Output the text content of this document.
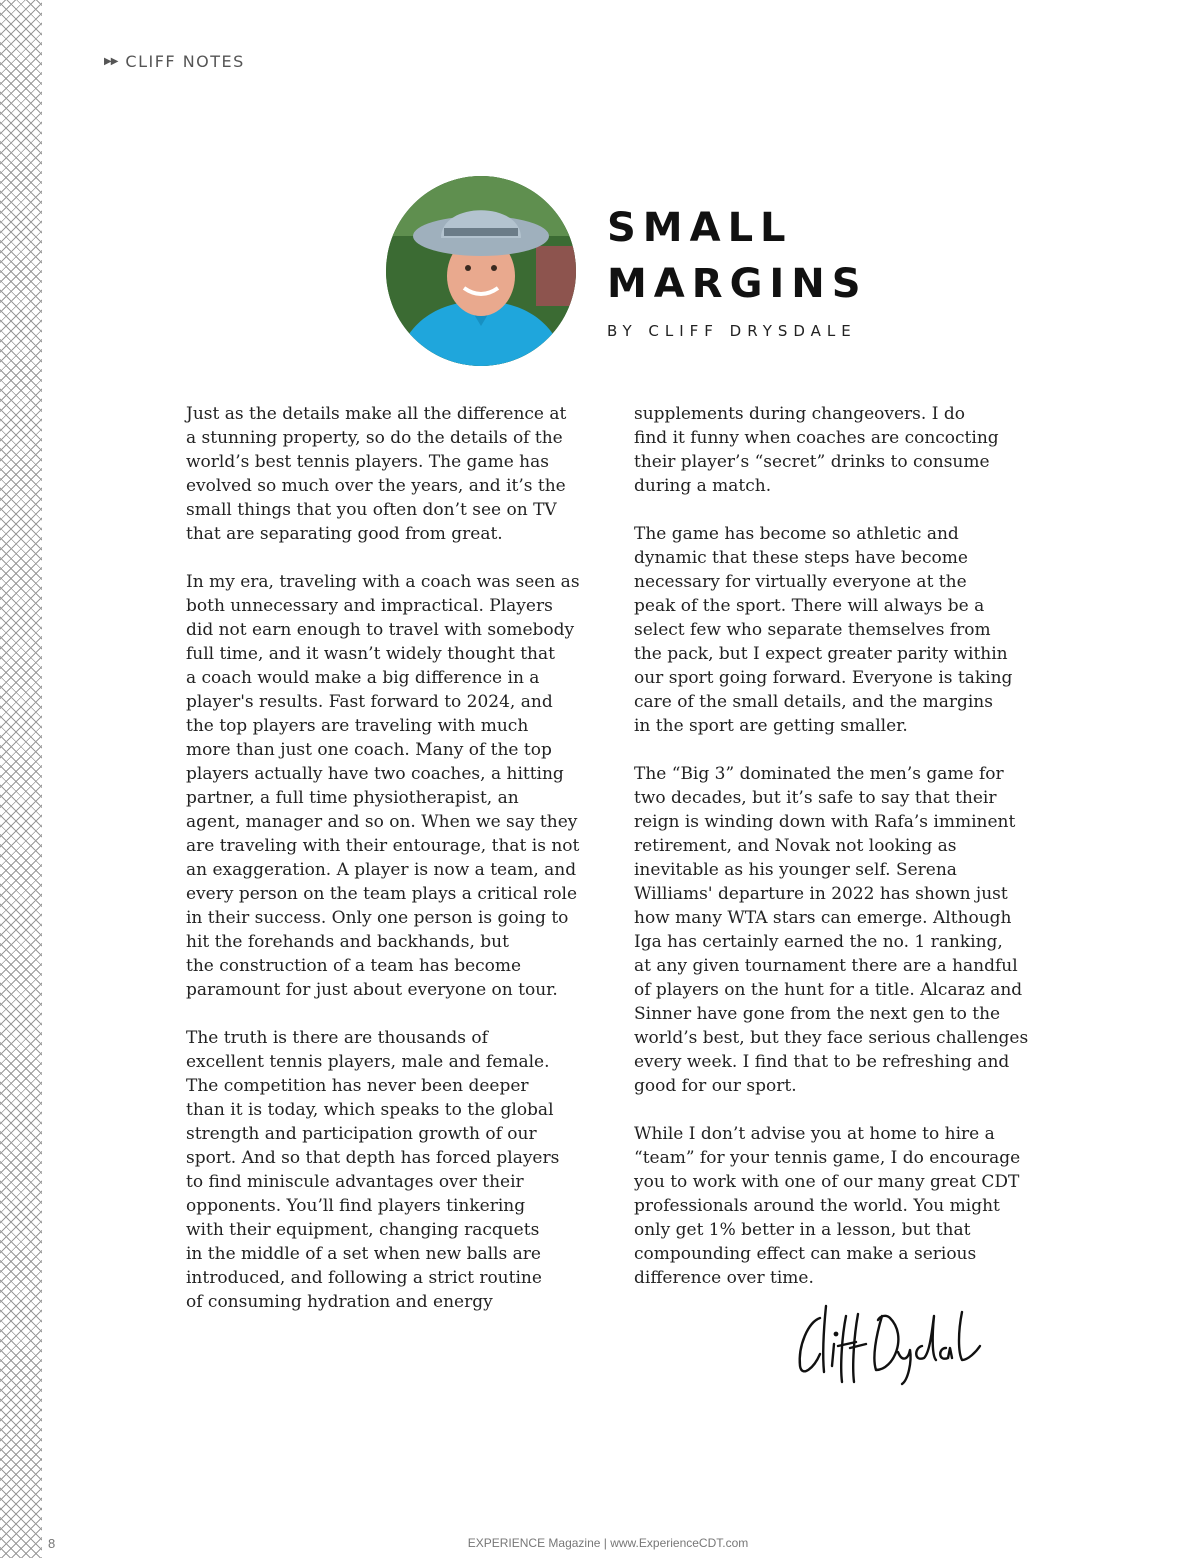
▶▶ CLIFF NOTES
SMALL
MARGINS
BY CLIFF DRYSDALE

Just as the details make all the difference at
a stunning property, so do the details of the
world’s best tennis players. The game has
evolved so much over the years, and it’s the
small things that you often don’t see on TV
that are separating good from great.

In my era, traveling with a coach was seen as
both unnecessary and impractical. Players
did not earn enough to travel with somebody
full time, and it wasn’t widely thought that
a coach would make a big difference in a
player's results. Fast forward to 2024, and
the top players are traveling with much
more than just one coach. Many of the top
players actually have two coaches, a hitting
partner, a full time physiotherapist, an
agent, manager and so on. When we say they
are traveling with their entourage, that is not
an exaggeration. A player is now a team, and
every person on the team plays a critical role
in their success. Only one person is going to
hit the forehands and backhands, but
the construction of a team has become
paramount for just about everyone on tour.

The truth is there are thousands of
excellent tennis players, male and female.
The competition has never been deeper
than it is today, which speaks to the global
strength and participation growth of our
sport. And so that depth has forced players
to find miniscule advantages over their
opponents. You’ll find players tinkering
with their equipment, changing racquets
in the middle of a set when new balls are
introduced, and following a strict routine
of consuming hydration and energy

supplements during changeovers. I do
find it funny when coaches are concocting
their player’s “secret” drinks to consume
during a match.

The game has become so athletic and
dynamic that these steps have become
necessary for virtually everyone at the
peak of the sport. There will always be a
select few who separate themselves from
the pack, but I expect greater parity within
our sport going forward. Everyone is taking
care of the small details, and the margins
in the sport are getting smaller.

The “Big 3” dominated the men’s game for
two decades, but it’s safe to say that their
reign is winding down with Rafa’s imminent
retirement, and Novak not looking as
inevitable as his younger self. Serena
Williams' departure in 2022 has shown just
how many WTA stars can emerge. Although
Iga has certainly earned the no. 1 ranking,
at any given tournament there are a handful
of players on the hunt for a title. Alcaraz and
Sinner have gone from the next gen to the
world’s best, but they face serious challenges
every week. I find that to be refreshing and
good for our sport.

While I don’t advise you at home to hire a
“team” for your tennis game, I do encourage
you to work with one of our many great CDT
professionals around the world. You might
only get 1% better in a lesson, but that
compounding effect can make a serious
difference over time.

8	EXPERIENCE Magazine | www.ExperienceCDT.com
